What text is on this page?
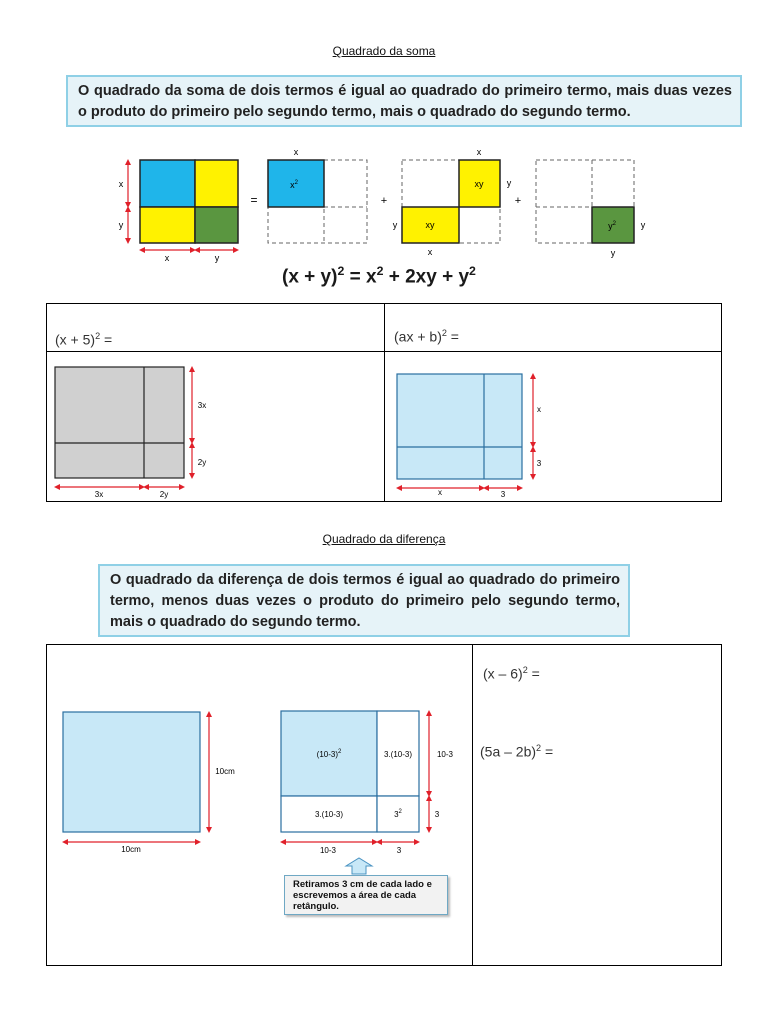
Quadrado da soma
O quadrado da soma de dois termos é igual ao quadrado do primeiro termo, mais duas vezes o produto do primeiro pelo segundo termo, mais o quadrado do segundo termo.
x
y
x	y
=
$x^2$
x
+
xy
xy
x
y
y
x
+
$y^2$	y
y
$(x + y)^2 = x^2 + 2xy + y^2$
$(x + 5)^2$ =	(ax + b)$^2$ =
3x
2y
3x	2y
x
3
x	3
Quadrado da diferença
O quadrado da diferença de dois termos é igual ao quadrado do primeiro termo, menos duas vezes o produto do primeiro pelo segundo termo, mais o quadrado do segundo termo.
(x – 6)$^2$ =
(5a – 2b)$^2$ =
10cm
10cm
$(10-3)^2$	3.(10-3)
3.(10-3)	$3^2$
10-3
3
10-3	3
Retiramos 3 cm de cada lado e escrevemos a área de cada retângulo.
